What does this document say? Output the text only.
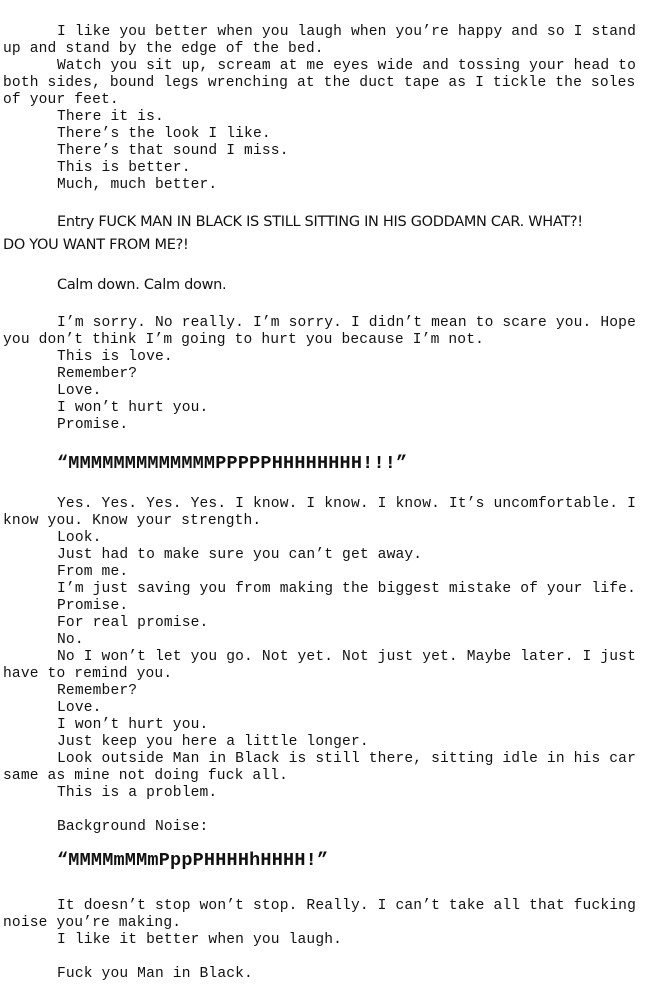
I like you better when you laugh when you’re happy and so I stand

up and stand by the edge of the bed.

Watch you sit up, scream at me eyes wide and tossing your head to

both sides, bound legs wrenching at the duct tape as I tickle the soles

of your feet.

There it is.

There’s the look I like.

There’s that sound I miss.

This is better.

Much, much better.

Entry FUCK MAN IN BLACK IS STILL SITTING IN HIS GODDAMN CAR. WHAT?!

DO YOU WANT FROM ME?!

Calm down. Calm down.

I’m sorry. No really. I’m sorry. I didn’t mean to scare you. Hope

you don’t think I’m going to hurt you because I’m not.

This is love.

Remember?

Love.

I won’t hurt you.

Promise.

“MMMMMMMMMMMMMPPPPPHHHHHHHH!!!”

Yes. Yes. Yes. Yes. I know. I know. I know. It’s uncomfortable. I

know you. Know your strength.

Look.

Just had to make sure you can’t get away.

From me.

I’m just saving you from making the biggest mistake of your life.

Promise.

For real promise.

No.

No I won’t let you go. Not yet. Not just yet. Maybe later. I just

have to remind you.

Remember?

Love.

I won’t hurt you.

Just keep you here a little longer.

Look outside Man in Black is still there, sitting idle in his car

same as mine not doing fuck all.

This is a problem.

Background Noise:

“MMMMmMMmPppPHHHHhHHHH!”

It doesn’t stop won’t stop. Really. I can’t take all that fucking

noise you’re making.

I like it better when you laugh.

Fuck you Man in Black.
